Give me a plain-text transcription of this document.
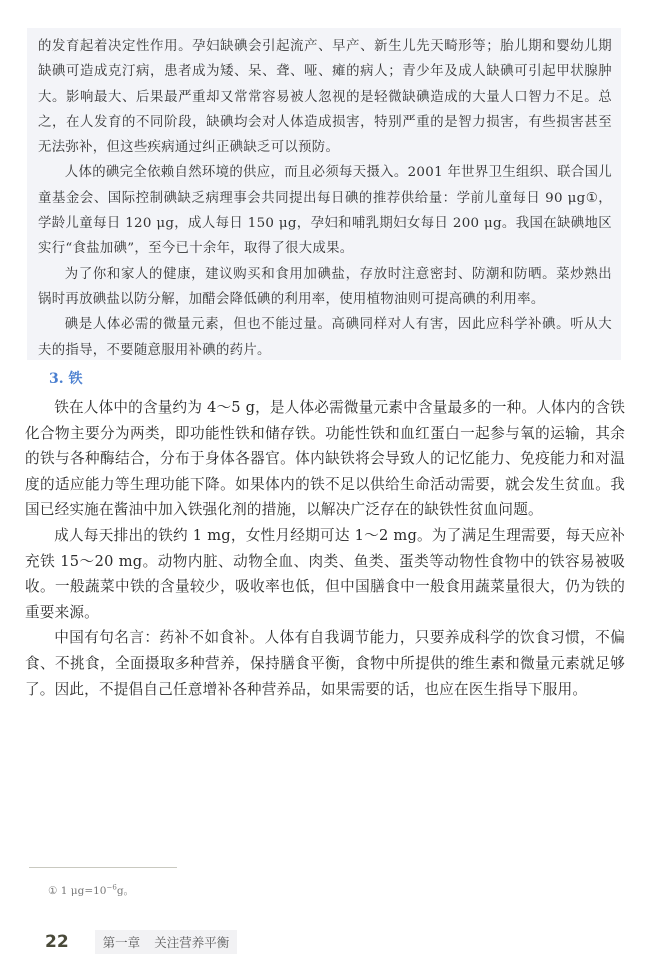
的发育起着决定性作用。孕妇缺碘会引起流产、早产、新生儿先天畸形等；胎儿期和婴幼儿期缺碘可造成克汀病，患者成为矮、呆、聋、哑、瘫的病人；青少年及成人缺碘可引起甲状腺肿大。影响最大、后果最严重却又常常容易被人忽视的是轻微缺碘造成的大量人口智力不足。总之，在人发育的不同阶段，缺碘均会对人体造成损害，特别严重的是智力损害，有些损害甚至无法弥补，但这些疾病通过纠正碘缺乏可以预防。

人体的碘完全依赖自然环境的供应，而且必须每天摄入。2001 年世界卫生组织、联合国儿童基金会、国际控制碘缺乏病理事会共同提出每日碘的推荐供给量：学前儿童每日 90 μg①，学龄儿童每日 120 μg，成人每日 150 μg，孕妇和哺乳期妇女每日 200 μg。我国在缺碘地区实行“食盐加碘”，至今已十余年，取得了很大成果。

为了你和家人的健康，建议购买和食用加碘盐，存放时注意密封、防潮和防晒。菜炒熟出锅时再放碘盐以防分解，加醋会降低碘的利用率，使用植物油则可提高碘的利用率。

碘是人体必需的微量元素，但也不能过量。高碘同样对人有害，因此应科学补碘。听从大夫的指导，不要随意服用补碘的药片。

3. 铁

铁在人体中的含量约为 4～5 g，是人体必需微量元素中含量最多的一种。人体内的含铁化合物主要分为两类，即功能性铁和储存铁。功能性铁和血红蛋白一起参与氧的运输，其余的铁与各种酶结合，分布于身体各器官。体内缺铁将会导致人的记忆能力、免疫能力和对温度的适应能力等生理功能下降。如果体内的铁不足以供给生命活动需要，就会发生贫血。我国已经实施在酱油中加入铁强化剂的措施，以解决广泛存在的缺铁性贫血问题。

成人每天排出的铁约 1 mg，女性月经期可达 1～2 mg。为了满足生理需要，每天应补充铁 15～20 mg。动物内脏、动物全血、肉类、鱼类、蛋类等动物性食物中的铁容易被吸收。一般蔬菜中铁的含量较少，吸收率也低，但中国膳食中一般食用蔬菜量很大，仍为铁的重要来源。

中国有句名言：药补不如食补。人体有自我调节能力，只要养成科学的饮食习惯，不偏食、不挑食，全面摄取多种营养，保持膳食平衡，食物中所提供的维生素和微量元素就足够了。因此，不提倡自己任意增补各种营养品，如果需要的话，也应在医生指导下服用。

① 1 $\mu g=10^{-6}g$。
22	第一章 关注营养平衡
